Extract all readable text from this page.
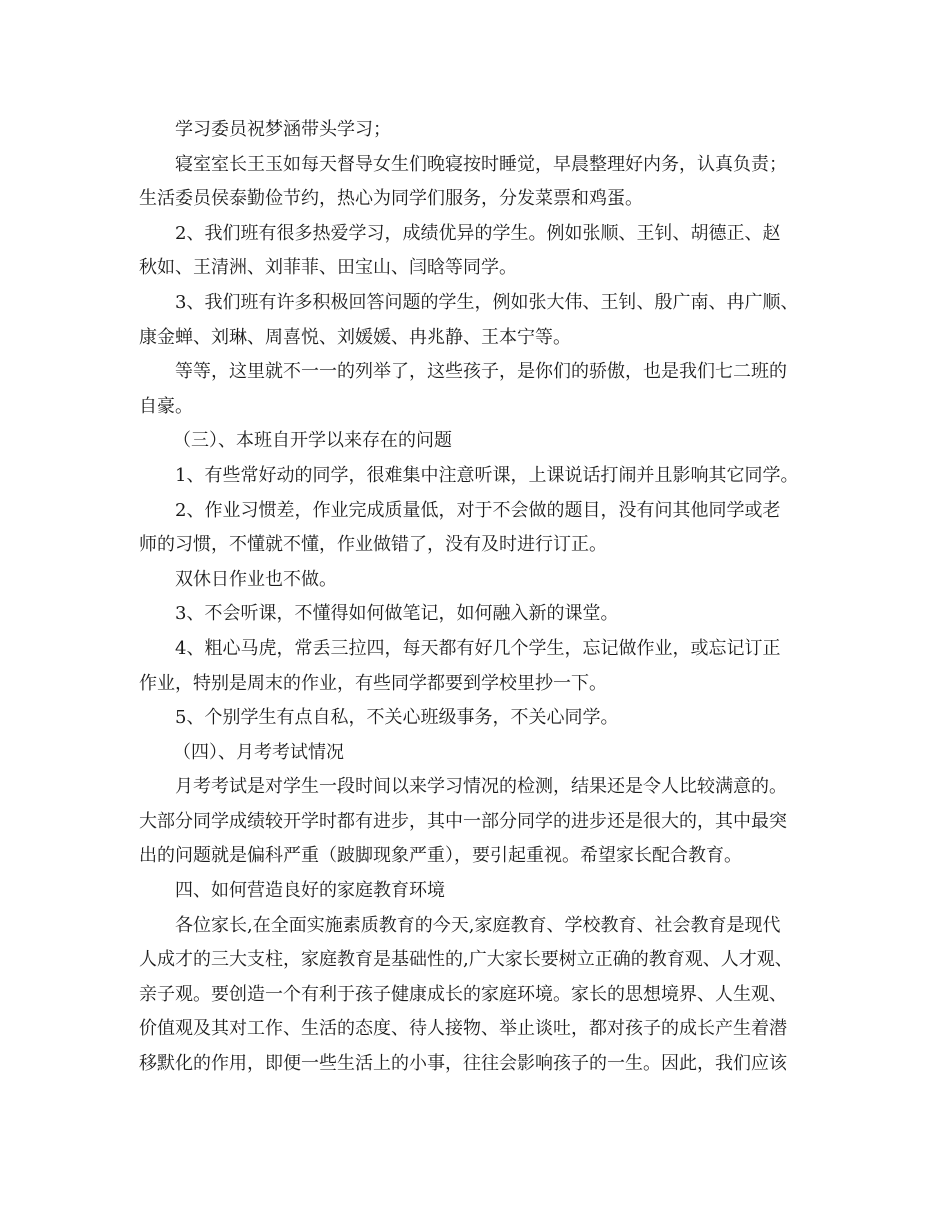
学习委员祝梦涵带头学习；
寝室室长王玉如每天督导女生们晚寝按时睡觉，早晨整理好内务，认真负责；
生活委员侯泰勤俭节约，热心为同学们服务，分发菜票和鸡蛋。
2、我们班有很多热爱学习，成绩优异的学生。例如张顺、王钊、胡德正、赵
秋如、王清洲、刘菲菲、田宝山、闫晗等同学。
3、我们班有许多积极回答问题的学生，例如张大伟、王钊、殷广南、冉广顺、
康金蝉、刘琳、周喜悦、刘媛媛、冉兆静、王本宁等。
等等，这里就不一一的列举了，这些孩子，是你们的骄傲，也是我们七二班的
自豪。
（三）、本班自开学以来存在的问题
1、有些常好动的同学，很难集中注意听课，上课说话打闹并且影响其它同学。
2、作业习惯差，作业完成质量低，对于不会做的题目，没有问其他同学或老
师的习惯，不懂就不懂，作业做错了，没有及时进行订正。
双休日作业也不做。
3、不会听课，不懂得如何做笔记，如何融入新的课堂。
4、粗心马虎，常丢三拉四，每天都有好几个学生，忘记做作业，或忘记订正
作业，特别是周末的作业，有些同学都要到学校里抄一下。
5、个别学生有点自私，不关心班级事务，不关心同学。
（四）、月考考试情况
月考考试是对学生一段时间以来学习情况的检测，结果还是令人比较满意的。
大部分同学成绩较开学时都有进步，其中一部分同学的进步还是很大的，其中最突
出的问题就是偏科严重（跛脚现象严重），要引起重视。希望家长配合教育。
四、如何营造良好的家庭教育环境
各位家长,在全面实施素质教育的今天,家庭教育、学校教育、社会教育是现代
人成才的三大支柱，家庭教育是基础性的,广大家长要树立正确的教育观、人才观、
亲子观。要创造一个有利于孩子健康成长的家庭环境。家长的思想境界、人生观、
价值观及其对工作、生活的态度、待人接物、举止谈吐，都对孩子的成长产生着潜
移默化的作用，即便一些生活上的小事，往往会影响孩子的一生。因此，我们应该
